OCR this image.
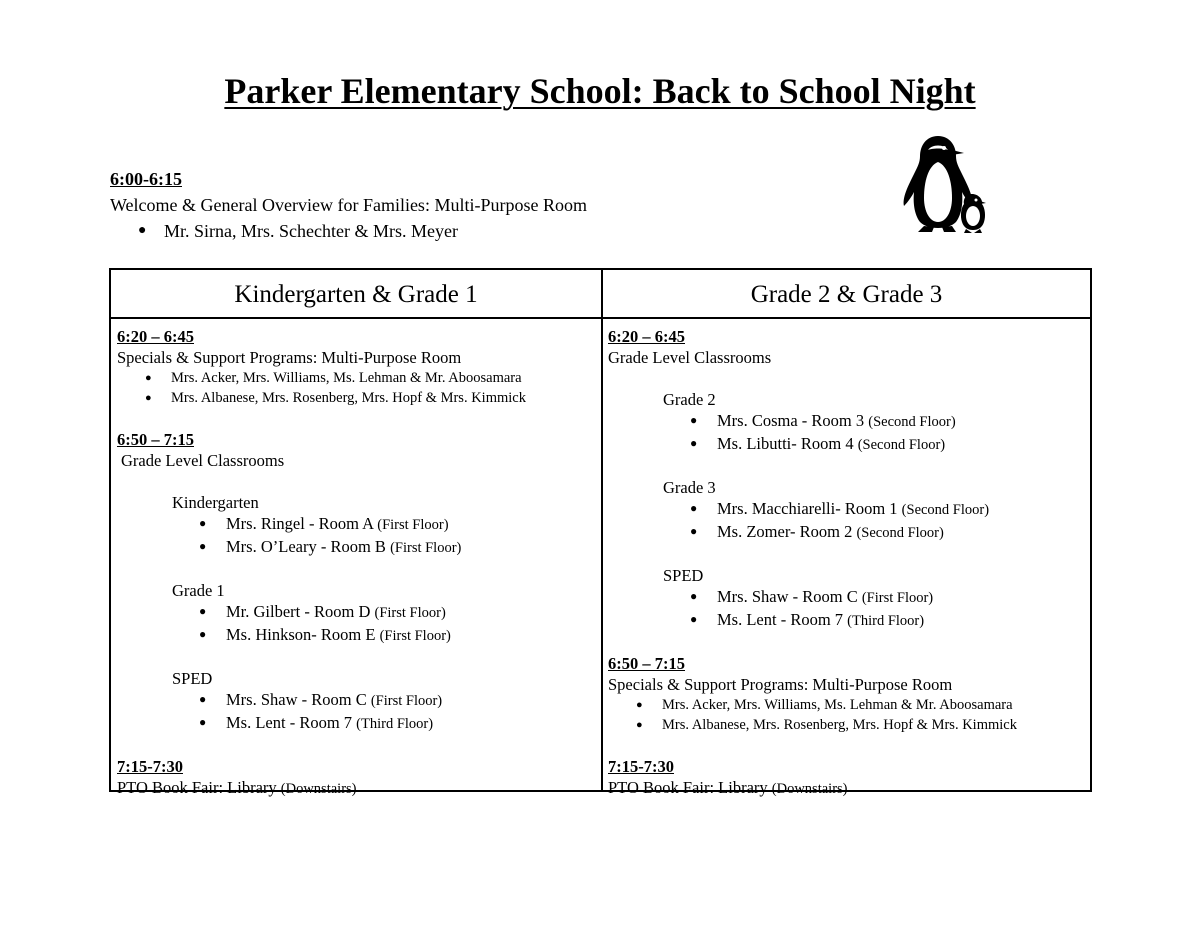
Parker Elementary School: Back to School Night
6:00-6:15
Welcome & General Overview for Families: Multi-Purpose Room
● Mr. Sirna, Mrs. Schechter & Mrs. Meyer
Kindergarten & Grade 1	Grade 2 & Grade 3
6:20 – 6:45
Specials & Support Programs: Multi-Purpose Room
● Mrs. Acker, Mrs. Williams, Ms. Lehman & Mr. Aboosamara
● Mrs. Albanese, Mrs. Rosenberg, Mrs. Hopf & Mrs. Kimmick
6:50 – 7:15
Grade Level Classrooms
Kindergarten
● Mrs. Ringel - Room A (First Floor)
● Mrs. O’Leary - Room B (First Floor)
Grade 1
● Mr. Gilbert - Room D (First Floor)
● Ms. Hinkson- Room E (First Floor)
SPED
● Mrs. Shaw - Room C (First Floor)
● Ms. Lent - Room 7 (Third Floor)
7:15-7:30
PTO Book Fair: Library (Downstairs)
6:20 – 6:45
Grade Level Classrooms
Grade 2
● Mrs. Cosma - Room 3 (Second Floor)
● Ms. Libutti- Room 4 (Second Floor)
Grade 3
● Mrs. Macchiarelli- Room 1 (Second Floor)
● Ms. Zomer- Room 2 (Second Floor)
SPED
● Mrs. Shaw - Room C (First Floor)
● Ms. Lent - Room 7 (Third Floor)
6:50 – 7:15
Specials & Support Programs: Multi-Purpose Room
● Mrs. Acker, Mrs. Williams, Ms. Lehman & Mr. Aboosamara
● Mrs. Albanese, Mrs. Rosenberg, Mrs. Hopf & Mrs. Kimmick
7:15-7:30
PTO Book Fair: Library (Downstairs)
